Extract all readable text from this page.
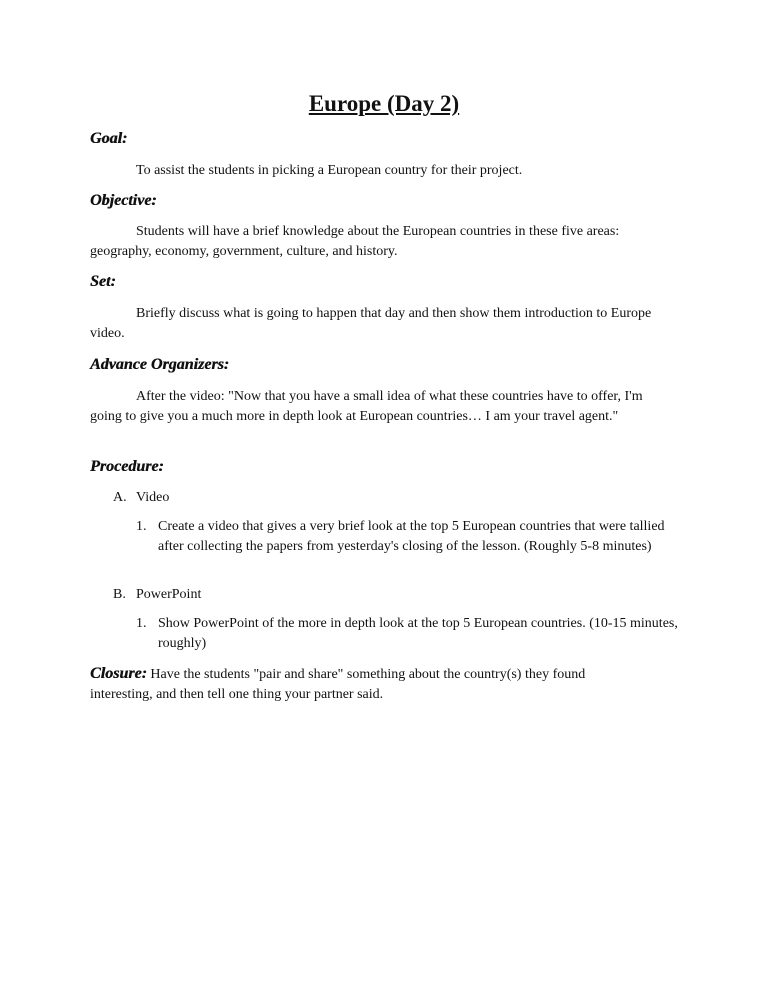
Europe (Day 2)
Goal:

To assist the students in picking a European country for their project.

Objective:

Students will have a brief knowledge about the European countries in these five areas: geography, economy, government, culture, and history.

Set:

Briefly discuss what is going to happen that day and then show them introduction to Europe video.

Advance Organizers:

After the video: "Now that you have a small idea of what these countries have to offer, I'm going to give you a much more in depth look at European countries… I am your travel agent."

Procedure:
A. Video
1. Create a video that gives a very brief look at the top 5 European countries that were tallied after collecting the papers from yesterday's closing of the lesson. (Roughly 5-8 minutes)

B. PowerPoint
1. Show PowerPoint of the more in depth look at the top 5 European countries. (10-15 minutes, roughly)

Closure: Have the students "pair and share" something about the country(s) they found interesting, and then tell one thing your partner said.
